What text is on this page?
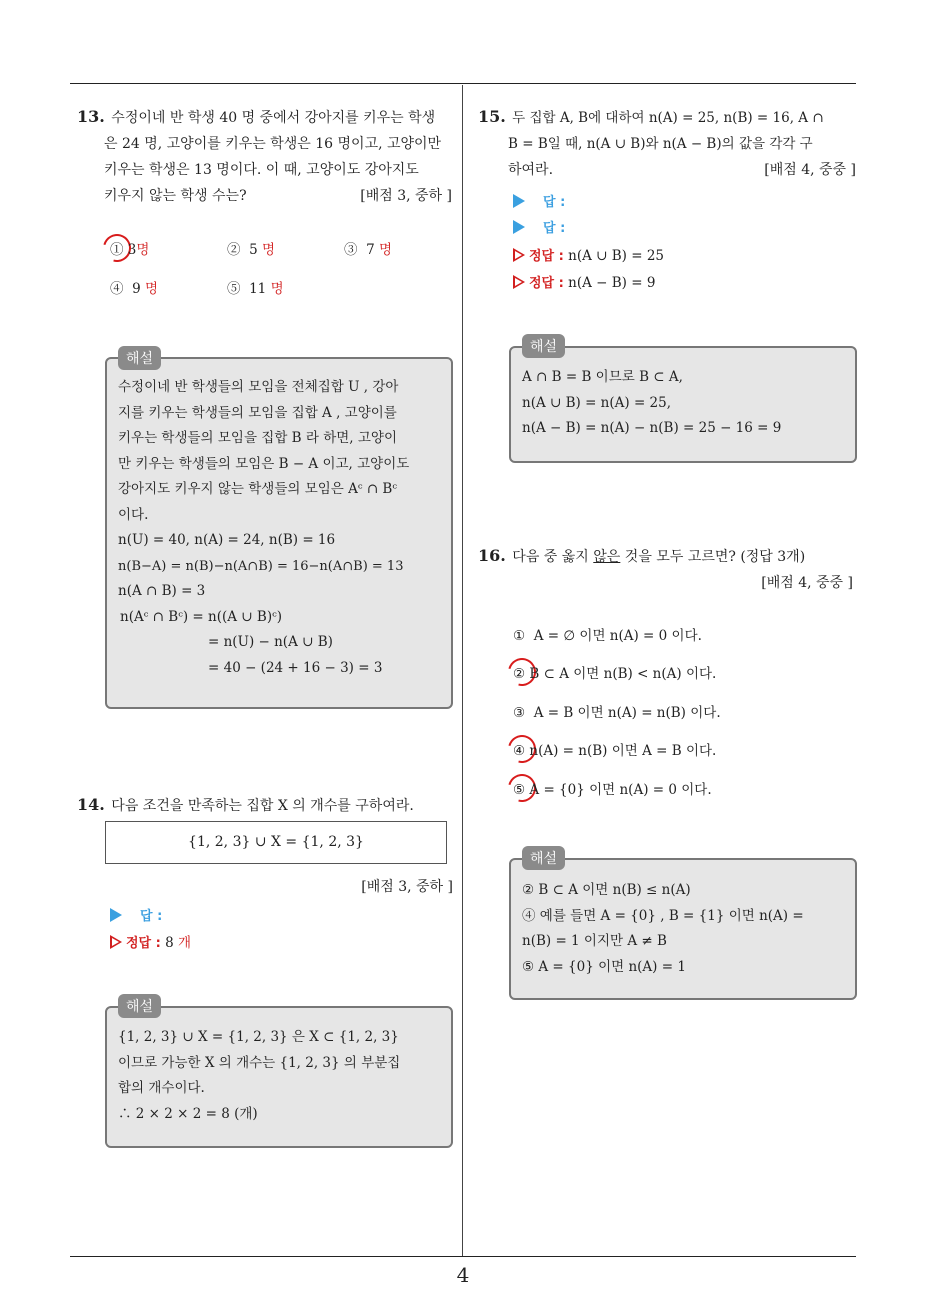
13. 수정이네 반 학생 40 명 중에서 강아지를 키우는 학생
은 24 명, 고양이를 키우는 학생은 16 명이고, 고양이만
키우는 학생은 13 명이다. 이 때, 고양이도 강아지도
키우지 않는 학생 수는?	[배점 3, 중하 ]
① 3명	② 5 명	③ 7 명
④ 9 명	⑤ 11 명
해설
수정이네 반 학생들의 모임을 전체집합 U , 강아
지를 키우는 학생들의 모임을 집합 A , 고양이를
키우는 학생들의 모임을 집합 B 라 하면, 고양이
만 키우는 학생들의 모임은 B − A 이고, 고양이도
강아지도 키우지 않는 학생들의 모임은 Aᶜ ∩ Bᶜ
이다.
n(U) = 40, n(A) = 24, n(B) = 16
n(B−A) = n(B)−n(A∩B) = 16−n(A∩B) = 13
n(A ∩ B) = 3
n(Aᶜ ∩ Bᶜ) = n((A ∪ B)ᶜ)
= n(U) − n(A ∪ B)
= 40 − (24 + 16 − 3) = 3
14. 다음 조건을 만족하는 집합 X 의 개수를 구하여라.
{1, 2, 3} ∪ X = {1, 2, 3}
[배점 3, 중하 ]
답 :
정답 : 8 개
해설
{1, 2, 3} ∪ X = {1, 2, 3} 은 X ⊂ {1, 2, 3}
이므로 가능한 X 의 개수는 {1, 2, 3} 의 부분집
합의 개수이다.
∴ 2 × 2 × 2 = 8 (개)
15. 두 집합 A, B에 대하여 n(A) = 25, n(B) = 16, A ∩
B = B일 때, n(A ∪ B)와 n(A − B)의 값을 각각 구
하여라.	[배점 4, 중중 ]
답 :
답 :
정답 : n(A ∪ B) = 25
정답 : n(A − B) = 9
해설
A ∩ B = B 이므로 B ⊂ A,
n(A ∪ B) = n(A) = 25,
n(A − B) = n(A) − n(B) = 25 − 16 = 9
16. 다음 중 옳지 않은 것을 모두 고르면? (정답 3개)
[배점 4, 중중 ]
① A = ∅ 이면 n(A) = 0 이다.
② B ⊂ A 이면 n(B) < n(A) 이다.
③ A = B 이면 n(A) = n(B) 이다.
④ n(A) = n(B) 이면 A = B 이다.
⑤ A = {0} 이면 n(A) = 0 이다.
해설
② B ⊂ A 이면 n(B) ≤ n(A)
④ 예를 들면 A = {0} , B = {1} 이면 n(A) =
n(B) = 1 이지만 A ≠ B
⑤ A = {0} 이면 n(A) = 1
4
